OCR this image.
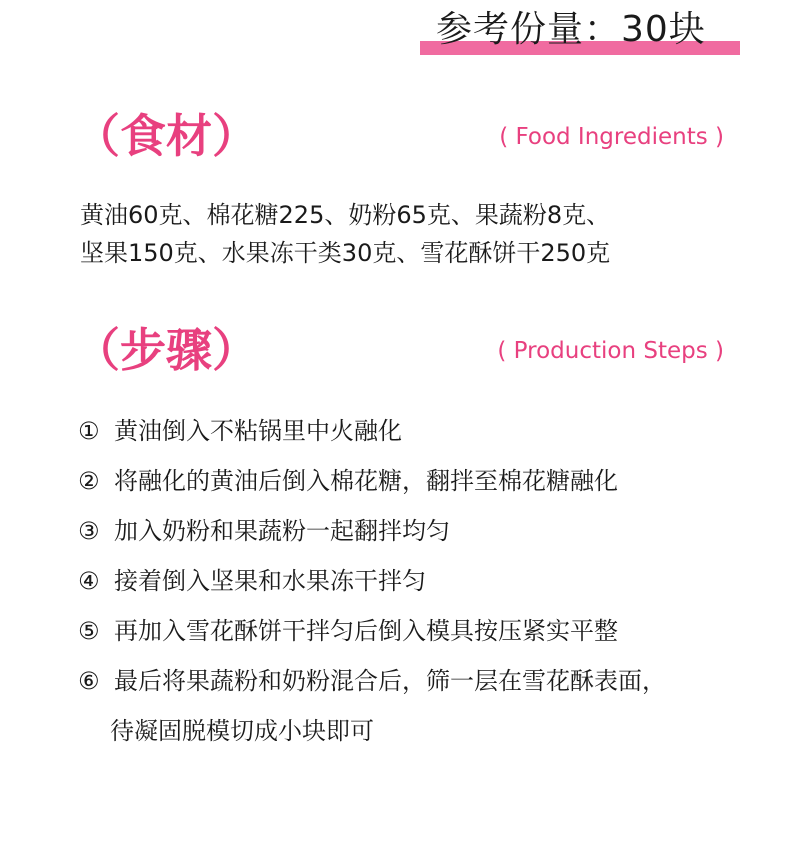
参考份量：30块
（食材）	( Food Ingredients )
黄油60克、棉花糖225、奶粉65克、果蔬粉8克、
坚果150克、水果冻干类30克、雪花酥饼干250克
（步骤）	( Production Steps )
① 黄油倒入不粘锅里中火融化
② 将融化的黄油后倒入棉花糖，翻拌至棉花糖融化
③ 加入奶粉和果蔬粉一起翻拌均匀
④ 接着倒入坚果和水果冻干拌匀
⑤ 再加入雪花酥饼干拌匀后倒入模具按压紧实平整
⑥ 最后将果蔬粉和奶粉混合后，筛一层在雪花酥表面，
待凝固脱模切成小块即可
